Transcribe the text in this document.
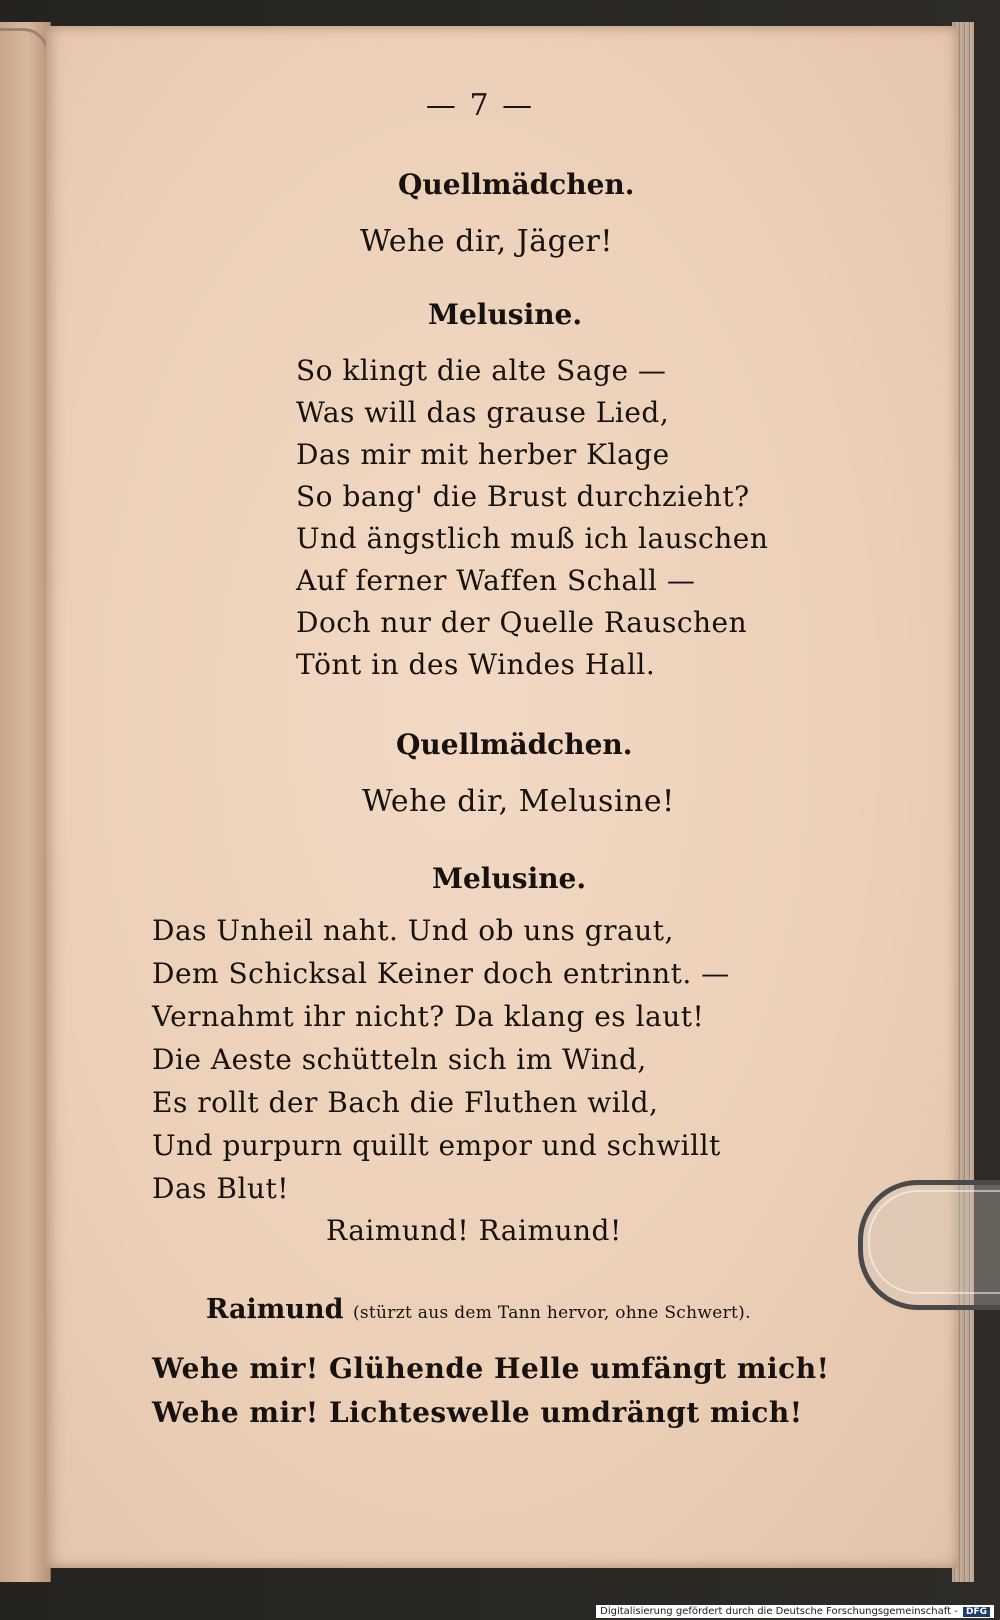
— 7 —
Quellmädchen.
Wehe dir, Jäger!
Melusine.
So klingt die alte Sage —
Was will das grause Lied,
Das mir mit herber Klage
So bang' die Brust durchzieht?
Und ängstlich muß ich lauschen
Auf ferner Waffen Schall —
Doch nur der Quelle Rauschen
Tönt in des Windes Hall.
Quellmädchen.
Wehe dir, Melusine!
Melusine.
Das Unheil naht. Und ob uns graut,
Dem Schicksal Keiner doch entrinnt. —
Vernahmt ihr nicht? Da klang es laut!
Die Aeste schütteln sich im Wind,
Es rollt der Bach die Fluthen wild,
Und purpurn quillt empor und schwillt
Das Blut!
Raimund! Raimund!
Raimund (stürzt aus dem Tann hervor, ohne Schwert).
Wehe mir! Glühende Helle umfängt mich!
Wehe mir! Lichteswelle umdrängt mich!
Digitalisierung gefördert durch die Deutsche Forschungsgemeinschaft - DFG
